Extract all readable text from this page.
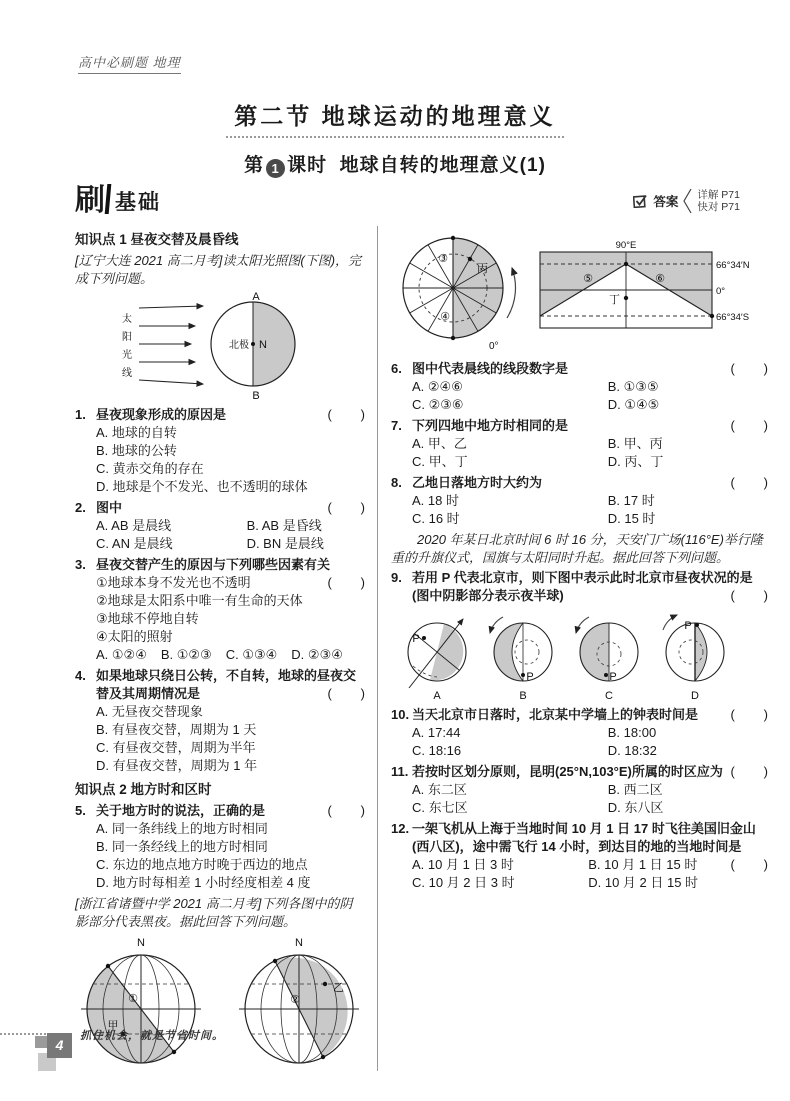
高中必刷题 地理
第二节 地球运动的地理意义
第 1 课时 地球自转的地理意义(1)
刷 基础	答案 详解 P71
快对 P71
知识点 1 昼夜交替及晨昏线
[辽宁大连 2021 高二月考]读太阳光照图(下图)，完成下列问题。
太
阳
光
线
北极 N
A
B
1. 昼夜现象形成的原因是	(        )
A. 地球的自转
B. 地球的公转
C. 黄赤交角的存在
D. 地球是个不发光、也不透明的球体
2. 图中	(        )
A. AB 是晨线	B. AB 是昏线
C. AN 是晨线	D. BN 是晨线
3. 昼夜交替产生的原因与下列哪些因素有关
(        )
①地球本身不发光也不透明
②地球是太阳系中唯一有生命的天体
③地球不停地自转
④太阳的照射
A. ①②④ B. ①②③ C. ①③④ D. ②③④
4. 如果地球只绕日公转，不自转，地球的昼夜交替及其周期情况是	(        )
A. 无昼夜交替现象
B. 有昼夜交替，周期为 1 天
C. 有昼夜交替，周期为半年
D. 有昼夜交替，周期为 1 年
知识点 2 地方时和区时
5. 关于地方时的说法，正确的是	(        )
A. 同一条纬线上的地方时相同
B. 同一条经线上的地方时相同
C. 东边的地点地方时晚于西边的地点
D. 地方时每相差 1 小时经度相差 4 度
[浙江省诸暨中学 2021 高二月考]下列各图中的阴影部分代表黑夜。据此回答下列问题。
N
①
甲
N
②
乙
③
④
丙
0°
丁
⑤	⑥
90°E
66°34′N
0°
66°34′S
6. 图中代表晨线的线段数字是	(        )
A. ②④⑥	B. ①③⑤
C. ②③⑥	D. ①④⑤
7. 下列四地中地方时相同的是	(        )
A. 甲、乙	B. 甲、丙
C. 甲、丁	D. 丙、丁
8. 乙地日落地方时大约为	(        )
A. 18 时	B. 17 时
C. 16 时	D. 15 时
2020 年某日北京时间 6 时 16 分，天安门广场(116°E)举行隆重的升旗仪式，国旗与太阳同时升起。据此回答下列问题。
9. 若用 P 代表北京市，则下图中表示此时北京市昼夜状况的是(图中阴影部分表示夜半球)	(        )
P
A
P
B
P
C
P
D
10. 当天北京市日落时，北京某中学墙上的钟表时间是 (        )
A. 17:44	B. 18:00
C. 18:16	D. 18:32
11. 若按时区划分原则，昆明(25°N,103°E)所属的时区应为 (        )
A. 东二区	B. 西二区
C. 东七区	D. 东八区
12. 一架飞机从上海于当地时间 10 月 1 日 17 时飞往美国旧金山(西八区)，途中需飞行 14 小时，到达目的地的当地时间是
(        )
A. 10 月 1 日 3 时	B. 10 月 1 日 15 时
C. 10 月 2 日 3 时	D. 10 月 2 日 15 时
4
抓住机会，就是节省时间。
